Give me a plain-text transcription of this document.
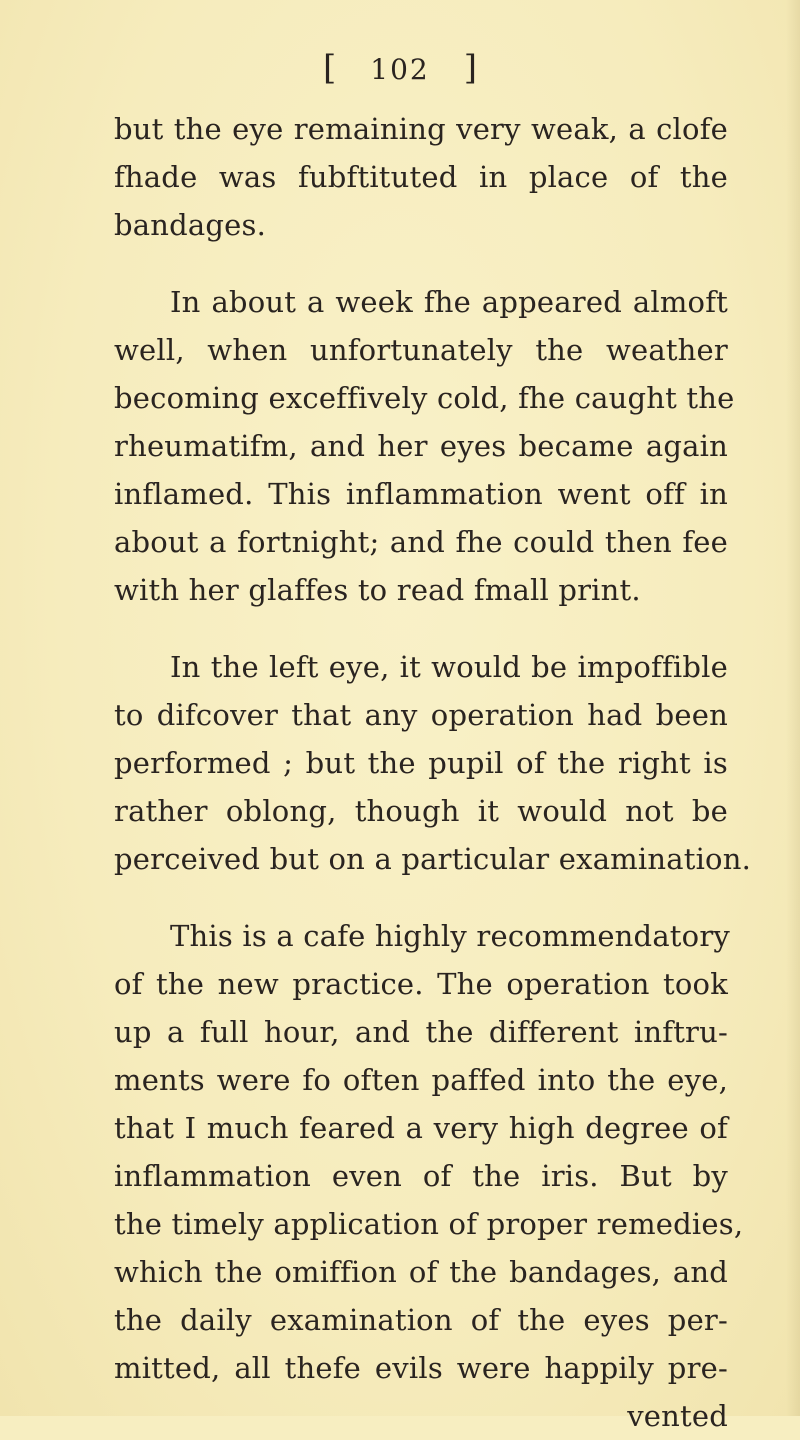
[ 102 ]
but the eye remaining very weak, a clofe
fhade was fubftituted in place of the
bandages.
In about a week fhe appeared almoft
well, when unfortunately the weather
becoming exceffively cold, fhe caught the
rheumatifm, and her eyes became again
inflamed. This inflammation went off in
about a fortnight; and fhe could then fee
with her glaffes to read fmall print.
In the left eye, it would be impoffible
to difcover that any operation had been
performed ; but the pupil of the right is
rather oblong, though it would not be
perceived but on a particular examination.
This is a cafe highly recommendatory
of the new practice. The operation took
up a full hour, and the different inftru-
ments were fo often paffed into the eye,
that I much feared a very high degree of
inflammation even of the iris. But by
the timely application of proper remedies,
which the omiffion of the bandages, and
the daily examination of the eyes per-
mitted, all thefe evils were happily pre-
vented
